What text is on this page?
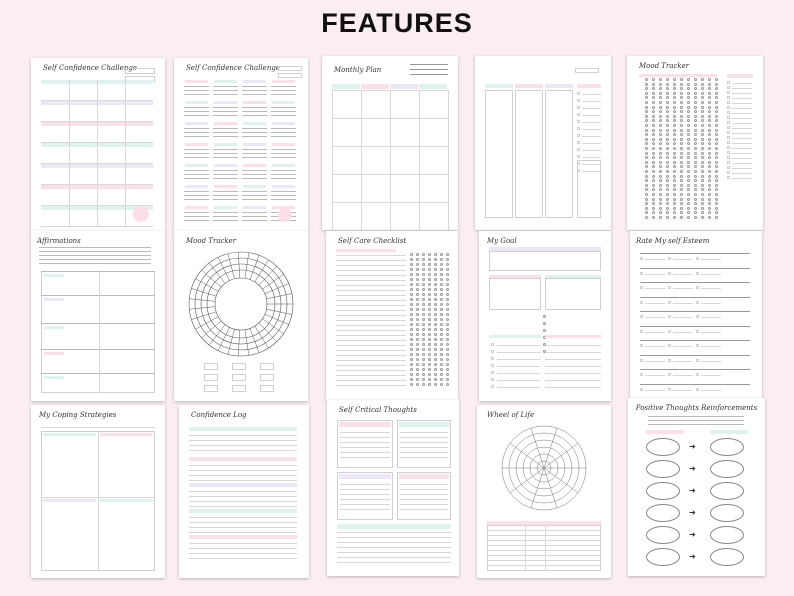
FEATURES
Self Confidence Challenge	Self Confidence Challenge	Monthly Plan	Mood Tracker
Affirmations	Mood Tracker	Self Care Checklist	My Goal	Rate My self Esteem
My Coping Strategies	Confidence Log
Self Critical Thoughts
Wheel of Life
Positive Thoughts Reinforcements
➜
➜
➜
➜
➜
➜
